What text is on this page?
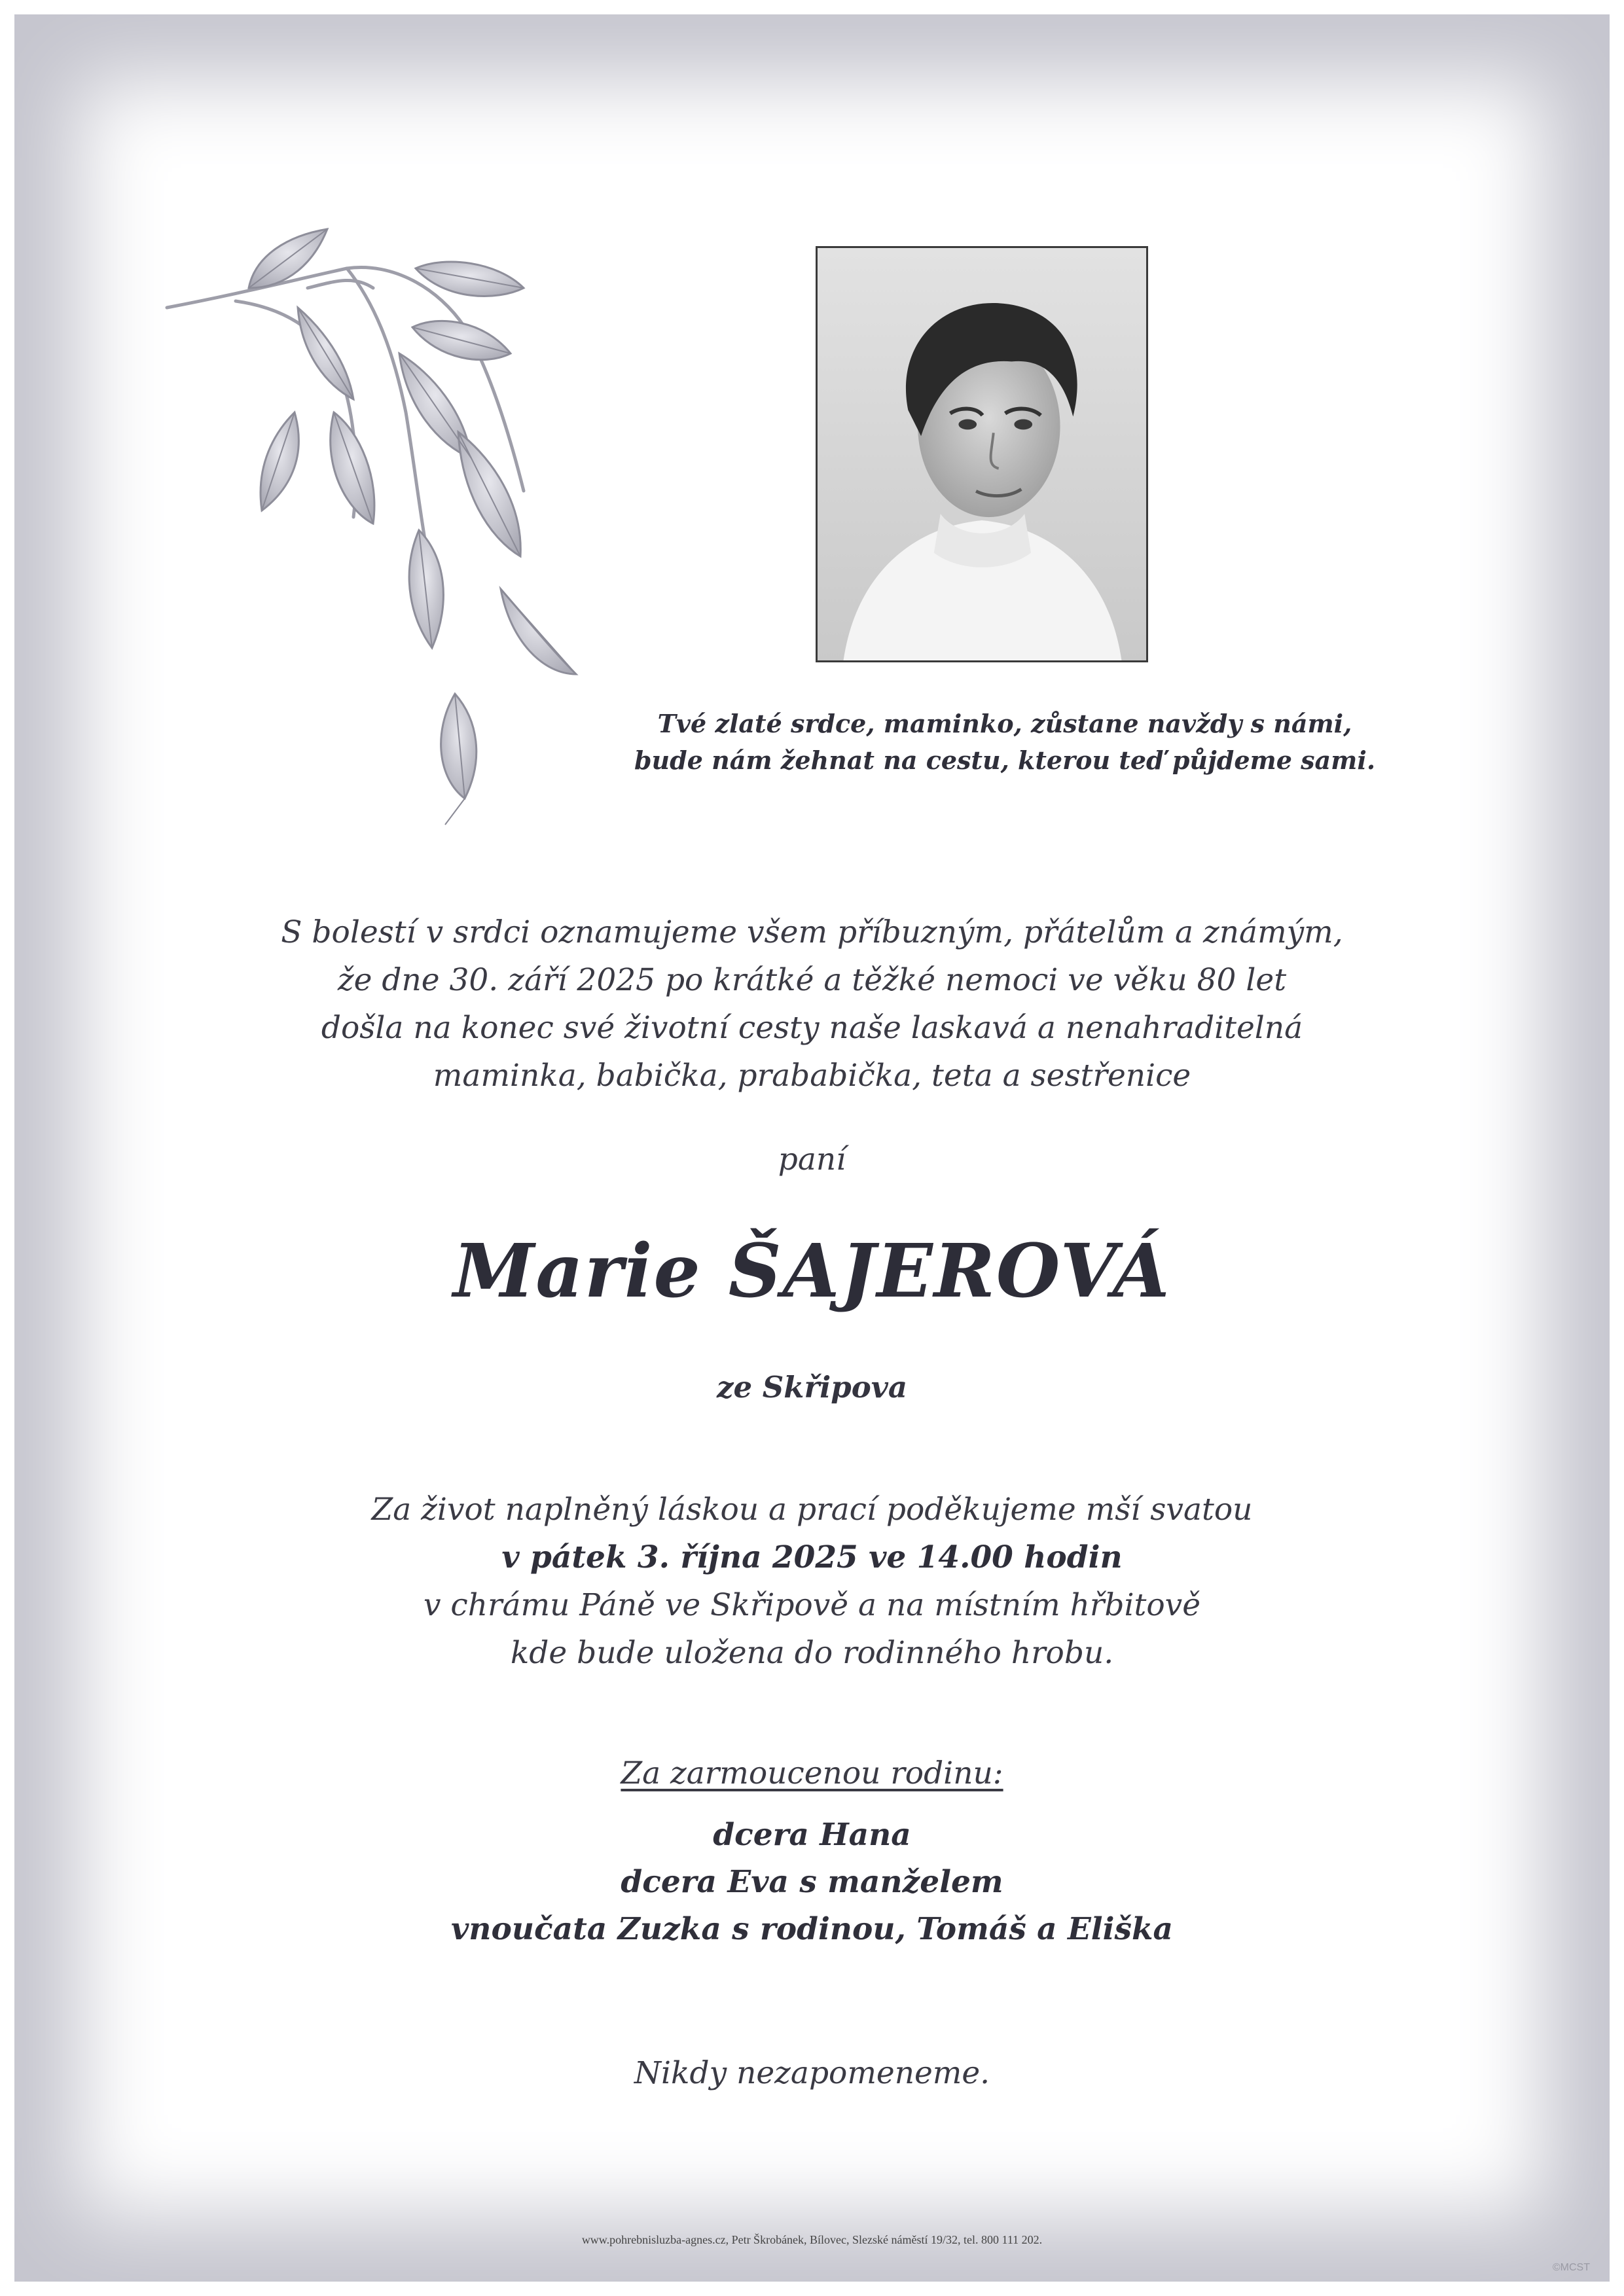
Tvé zlaté srdce, maminko, zůstane navždy s námi,
bude nám žehnat na cestu, kterou teď půjdeme sami.
S bolestí v srdci oznamujeme všem příbuzným, přátelům a známým,
že dne 30. září 2025 po krátké a těžké nemoci ve věku 80 let
došla na konec své životní cesty naše laskavá a nenahraditelná
maminka, babička, prababička, teta a sestřenice
paní
Marie ŠAJEROVÁ
ze Skřipova
Za život naplněný láskou a prací poděkujeme mší svatou
v pátek 3. října 2025 ve 14.00 hodin
v chrámu Páně ve Skřipově a na místním hřbitově
kde bude uložena do rodinného hrobu.
Za zarmoucenou rodinu:
dcera Hana
dcera Eva s manželem
vnoučata Zuzka s rodinou, Tomáš a Eliška
Nikdy nezapomeneme.
www.pohrebnisluzba-agnes.cz, Petr Škrobánek, Bílovec, Slezské náměstí 19/32, tel. 800 111 202.
©MCST
